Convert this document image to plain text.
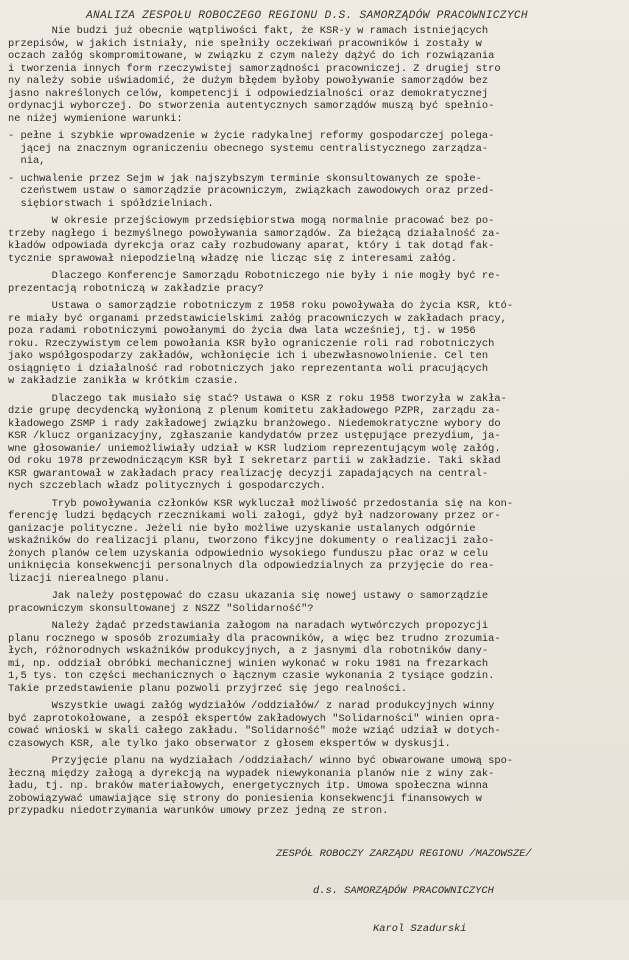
ANALIZA ZESPOŁU ROBOCZEGO REGIONU D.S. SAMORZĄDÓW PRACOWNICZYCH
Nie budzi już obecnie wątpliwości fakt, że KSR-y w ramach istniejących
przepisów, w jakich istniały, nie spełniły oczekiwań pracowników i zostały w
oczach załóg skompromitowane, w związku z czym należy dążyć do ich rozwiązania
i tworzenia innych form rzeczywistej samorządności pracowniczej. Z drugiej stro
ny należy sobie uświadomić, że dużym błędem byłoby powoływanie samorządów bez
jasno nakreślonych celów, kompetencji i odpowiedzialności oraz demokratycznej
ordynacji wyborczej. Do stworzenia autentycznych samorządów muszą być spełnio-
ne niżej wymienione warunki:
- pełne i szybkie wprowadzenie w życie radykalnej reformy gospodarczej polega-
jącej na znacznym ograniczeniu obecnego systemu centralistycznego zarządza-
nia,
- uchwalenie przez Sejm w jak najszybszym terminie skonsultowanych ze społe-
czeństwem ustaw o samorządzie pracowniczym, związkach zawodowych oraz przed-
siębiorstwach i spółdzielniach.
W okresie przejściowym przedsiębiorstwa mogą normalnie pracować bez po-
trzeby nagłego i bezmyślnego powoływania samorządów. Za bieżącą działalność za-
kładów odpowiada dyrekcja oraz cały rozbudowany aparat, który i tak dotąd fak-
tycznie sprawował niepodzielną władzę nie licząc się z interesami załóg.
Dlaczego Konferencje Samorządu Robotniczego nie były i nie mogły być re-
prezentacją robotniczą w zakładzie pracy?
Ustawa o samorządzie robotniczym z 1958 roku powoływała do życia KSR, któ-
re miały być organami przedstawicielskimi załóg pracowniczych w zakładach pracy,
poza radami robotniczymi powołanymi do życia dwa lata wcześniej, tj. w 1956
roku. Rzeczywistym celem powołania KSR było ograniczenie roli rad robotniczych
jako współgospodarzy zakładów, wchłonięcie ich i ubezwłasnowolnienie. Cel ten
osiągnięto i działalność rad robotniczych jako reprezentanta woli pracujących
w zakładzie zanikła w krótkim czasie.
Dlaczego tak musiało się stać? Ustawa o KSR z roku 1958 tworzyła w zakła-
dzie grupę decydencką wyłonioną z plenum komitetu zakładowego PZPR, zarządu za-
kładowego ZSMP i rady zakładowej związku branżowego. Niedemokratyczne wybory do
KSR /klucz organizacyjny, zgłaszanie kandydatów przez ustępujące prezydium, ja-
wne głosowanie/ uniemożliwiały udział w KSR ludziom reprezentującym wolę załóg.
Od roku 1978 przewodniczącym KSR był I sekretarz partii w zakładzie. Taki skład
KSR gwarantował w zakładach pracy realizację decyzji zapadających na central-
nych szczeblach władz politycznych i gospodarczych.
Tryb powoływania członków KSR wykluczał możliwość przedostania się na kon-
ferencję ludzi będących rzecznikami woli załogi, gdyż był nadzorowany przez or-
ganizacje polityczne. Jeżeli nie było możliwe uzyskanie ustalanych odgórnie
wskaźników do realizacji planu, tworzono fikcyjne dokumenty o realizacji zało-
żonych planów celem uzyskania odpowiednio wysokiego funduszu płac oraz w celu
uniknięcia konsekwencji personalnych dla odpowiedzialnych za przyjęcie do rea-
lizacji nierealnego planu.
Jak należy postępować do czasu ukazania się nowej ustawy o samorządzie
pracowniczym skonsultowanej z NSZZ "Solidarność"?
Należy żądać przedstawiania załogom na naradach wytwórczych propozycji
planu rocznego w sposób zrozumiały dla pracowników, a więc bez trudno zrozumia-
łych, różnorodnych wskaźników produkcyjnych, a z jasnymi dla robotników dany-
mi, np. oddział obróbki mechanicznej winien wykonać w roku 1981 na frezarkach
1,5 tys. ton części mechanicznych o łącznym czasie wykonania 2 tysiące godzin.
Takie przedstawienie planu pozwoli przyjrzeć się jego realności.
Wszystkie uwagi załóg wydziałów /oddziałów/ z narad produkcyjnych winny
być zaprotokołowane, a zespół ekspertów zakładowych "Solidarności" winien opra-
cować wnioski w skali całego zakładu. "Solidarność" może wziąć udział w dotych-
czasowych KSR, ale tylko jako obserwator z głosem ekspertów w dyskusji.
Przyjęcie planu na wydziałach /oddziałach/ winno być obwarowane umową spo-
łeczną między załogą a dyrekcją na wypadek niewykonania planów nie z winy zak-
ładu, tj. np. braków materiałowych, energetycznych itp. Umowa społeczna winna
zobowiązywać umawiające się strony do poniesienia konsekwencji finansowych w
przypadku niedotrzymania warunków umowy przez jedną ze stron.

ZESPÓŁ ROBOCZY ZARZĄDU REGIONU /MAZOWSZE/

d.s. SAMORZĄDÓW PRACOWNICZYCH

Karol Szadurski
